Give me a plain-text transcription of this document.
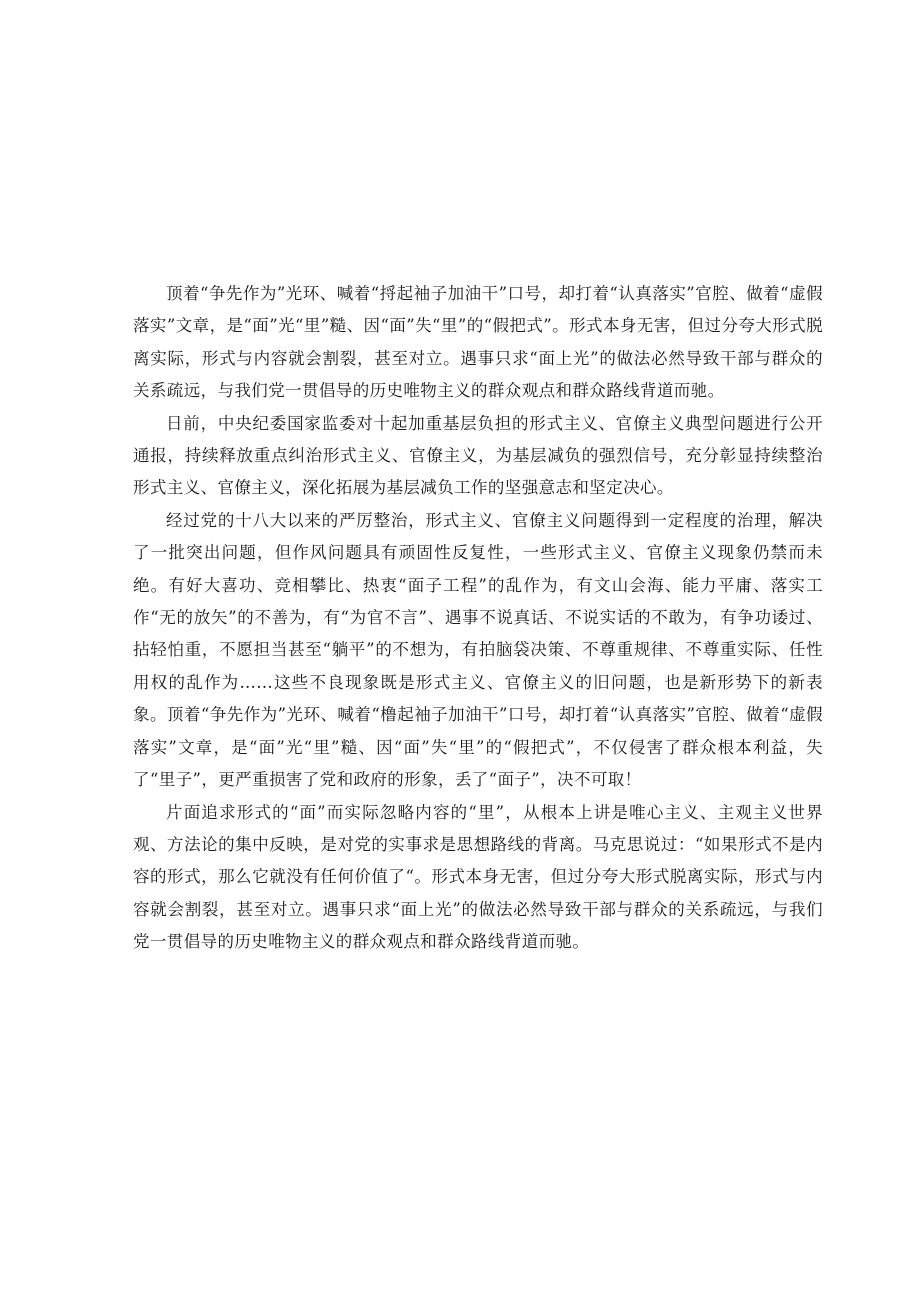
顶着“争先作为”光环、喊着“捋起袖子加油干”口号，却打着“认真落实”官腔、做着“虚假落实”文章，是“面”光“里”糙、因“面”失“里”的“假把式”。形式本身无害，但过分夸大形式脱离实际，形式与内容就会割裂，甚至对立。遇事只求“面上光”的做法必然导致干部与群众的关系疏远，与我们党一贯倡导的历史唯物主义的群众观点和群众路线背道而驰。

日前，中央纪委国家监委对十起加重基层负担的形式主义、官僚主义典型问题进行公开通报，持续释放重点纠治形式主义、官僚主义，为基层减负的强烈信号，充分彰显持续整治形式主义、官僚主义，深化拓展为基层减负工作的坚强意志和坚定决心。

经过党的十八大以来的严厉整治，形式主义、官僚主义问题得到一定程度的治理，解决了一批突出问题，但作风问题具有顽固性反复性，一些形式主义、官僚主义现象仍禁而未绝。有好大喜功、竞相攀比、热衷“面子工程”的乱作为，有文山会海、能力平庸、落实工作“无的放矢”的不善为，有“为官不言”、遇事不说真话、不说实话的不敢为，有争功诿过、拈轻怕重，不愿担当甚至“躺平”的不想为，有拍脑袋决策、不尊重规律、不尊重实际、任性用权的乱作为……这些不良现象既是形式主义、官僚主义的旧问题，也是新形势下的新表象。顶着“争先作为”光环、喊着“橹起袖子加油干”口号，却打着“认真落实”官腔、做着“虚假落实”文章，是“面”光“里”糙、因“面”失“里”的“假把式”，不仅侵害了群众根本利益，失了“里子”，更严重损害了党和政府的形象，丢了“面子”，决不可取！

片面追求形式的“面”而实际忽略内容的“里”，从根本上讲是唯心主义、主观主义世界观、方法论的集中反映，是对党的实事求是思想路线的背离。马克思说过：“如果形式不是内容的形式，那么它就没有任何价值了“。形式本身无害，但过分夸大形式脱离实际，形式与内容就会割裂，甚至对立。遇事只求“面上光”的做法必然导致干部与群众的关系疏远，与我们党一贯倡导的历史唯物主义的群众观点和群众路线背道而驰。
